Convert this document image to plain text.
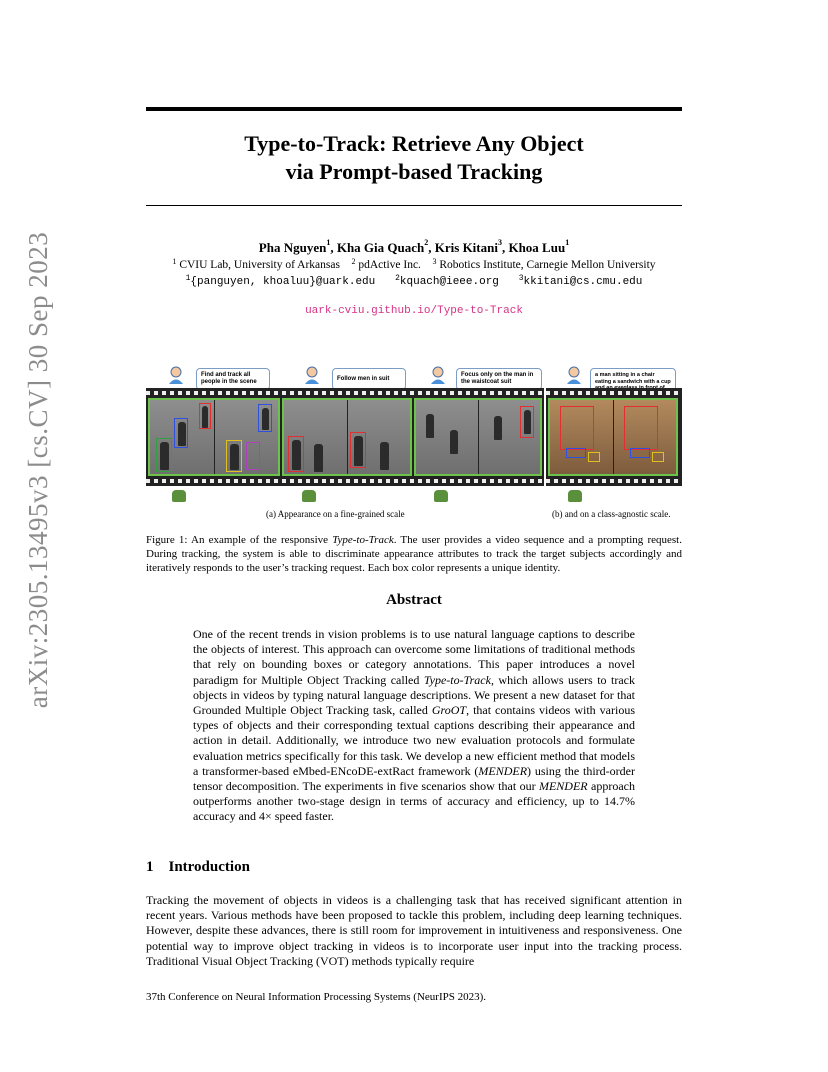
arXiv:2305.13495v3 [cs.CV] 30 Sep 2023
Type-to-Track: Retrieve Any Object
via Prompt-based Tracking
Pha Nguyen$^1$, Kha Gia Quach$^2$, Kris Kitani$^3$, Khoa Luu$^1$
$^1$ CVIU Lab, University of Arkansas $^2$ pdActive Inc. $^3$ Robotics Institute, Carnegie Mellon University
$^1${panguyen, khoaluu}@uark.edu $^2$kquach@ieee.org $^3$kkitani@cs.cmu.edu
uark-cviu.github.io/Type-to-Track
Find and track all people in the scene	Follow men in suit
Focus only on the man in the waistcoat suit
a man sitting in a chair eating a sandwich with a cup
(a) Appearance on a fine-grained scale	(b) and on a class-agnostic scale.
Figure 1: An example of the responsive Type-to-Track. The user provides a video sequence and a prompting request. During tracking, the system is able to discriminate appearance attributes to track the target subjects accordingly and iteratively responds to the user’s tracking request. Each box color represents a unique identity.
Abstract
One of the recent trends in vision problems is to use natural language captions to describe the objects of interest. This approach can overcome some limitations of traditional methods that rely on bounding boxes or category annotations. This paper introduces a novel paradigm for Multiple Object Tracking called Type-to-Track, which allows users to track objects in videos by typing natural language descriptions. We present a new dataset for that Grounded Multiple Object Tracking task, called GroOT, that contains videos with various types of objects and their corresponding textual captions describing their appearance and action in detail. Additionally, we introduce two new evaluation protocols and formulate evaluation metrics specifically for this task. We develop a new efficient method that models a transformer-based eMbed-ENcoDE-extRact framework (MENDER) using the third-order tensor decomposition. The experiments in five scenarios show that our MENDER approach outperforms another two-stage design in terms of accuracy and efficiency, up to 14.7% accuracy and 4× speed faster.
1 Introduction
Tracking the movement of objects in videos is a challenging task that has received significant attention in recent years. Various methods have been proposed to tackle this problem, including deep learning techniques. However, despite these advances, there is still room for improvement in intuitiveness and responsiveness. One potential way to improve object tracking in videos is to incorporate user input into the tracking process. Traditional Visual Object Tracking (VOT) methods typically require
37th Conference on Neural Information Processing Systems (NeurIPS 2023).
